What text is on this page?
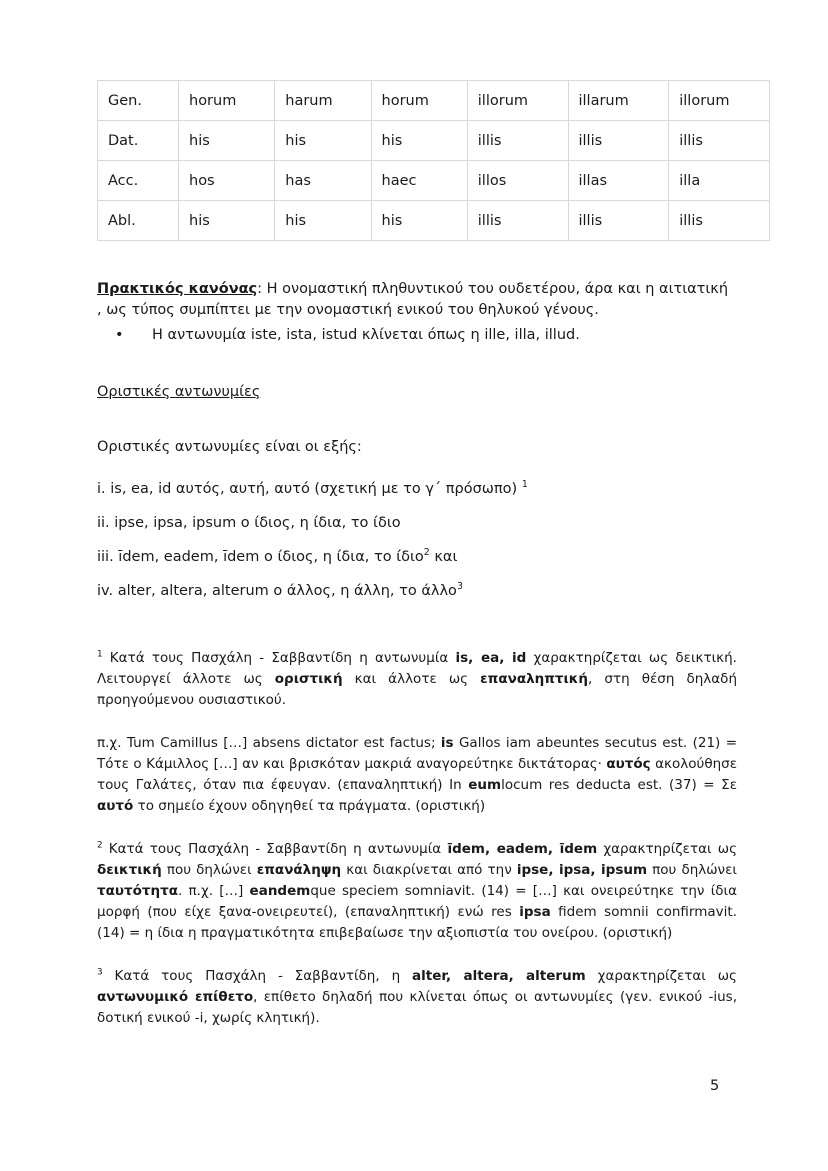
Gen.	horum	harum	horum	illorum	illarum	illorum
Dat.	his	his	his	illis	illis	illis
Acc.	hos	has	haec	illos	illas	illa
Abl.	his	his	his	illis	illis	illis

Πρακτικός κανόνας: Η ονομαστική πληθυντικού του ουδετέρου, άρα και η αιτιατική , ως τύπος συμπίπτει με την ονομαστική ενικού του θηλυκού γένους.

•	Η αντωνυμία iste, ista, istud κλίνεται όπως η ille, illa, illud.

Οριστικές αντωνυμίες

Οριστικές αντωνυμίες είναι οι εξής:

i. is, ea, id αυτός, αυτή, αυτό (σχετική με το γ΄ πρόσωπο) $^1$

ii. ipse, ipsa, ipsum ο ίδιος, η ίδια, το ίδιο

iii. īdem, eadem, īdem ο ίδιος, η ίδια, το ίδιο$^2$ και

iv. alter, altera, alterum ο άλλος, η άλλη, το άλλο$^3$

$^1$ Κατά τους Πασχάλη - Σαββαντίδη η αντωνυμία is, ea, id χαρακτηρίζεται ως δεικτική. Λειτουργεί άλλοτε ως οριστική και άλλοτε ως επαναληπτική, στη θέση δηλαδή προηγούμενου ουσιαστικού.

π.χ. Tum Camillus […] absens dictator est factus; is Gallos iam abeuntes secutus est. (21) = Τότε ο Κάμιλλος […] αν και βρισκόταν μακριά αναγορεύτηκε δικτάτορας· αυτός ακολούθησε τους Γαλάτες, όταν πια έφευγαν. (επαναληπτική) In eumlocum res deducta est. (37) = Σε αυτό το σημείο έχουν οδηγηθεί τα πράγματα. (οριστική)

$^2$ Κατά τους Πασχάλη - Σαββαντίδη η αντωνυμία īdem, eadem, īdem χαρακτηρίζεται ως δεικτική που δηλώνει επανάληψη και διακρίνεται από την ipse, ipsa, ipsum που δηλώνει ταυτότητα. π.χ. […] eandemque speciem somniavit. (14) = […] και ονειρεύτηκε την ίδια μορφή (που είχε ξανα-ονειρευτεί), (επαναληπτική) ενώ res ipsa fidem somnii confirmavit. (14) = η ίδια η πραγματικότητα επιβεβαίωσε την αξιοπιστία του ονείρου. (οριστική)

$^3$ Κατά τους Πασχάλη - Σαββαντίδη, η alter, altera, alterum χαρακτηρίζεται ως αντωνυμικό επίθετο, επίθετο δηλαδή που κλίνεται όπως οι αντωνυμίες (γεν. ενικού -ius, δοτική ενικού -i, χωρίς κλητική).

5
